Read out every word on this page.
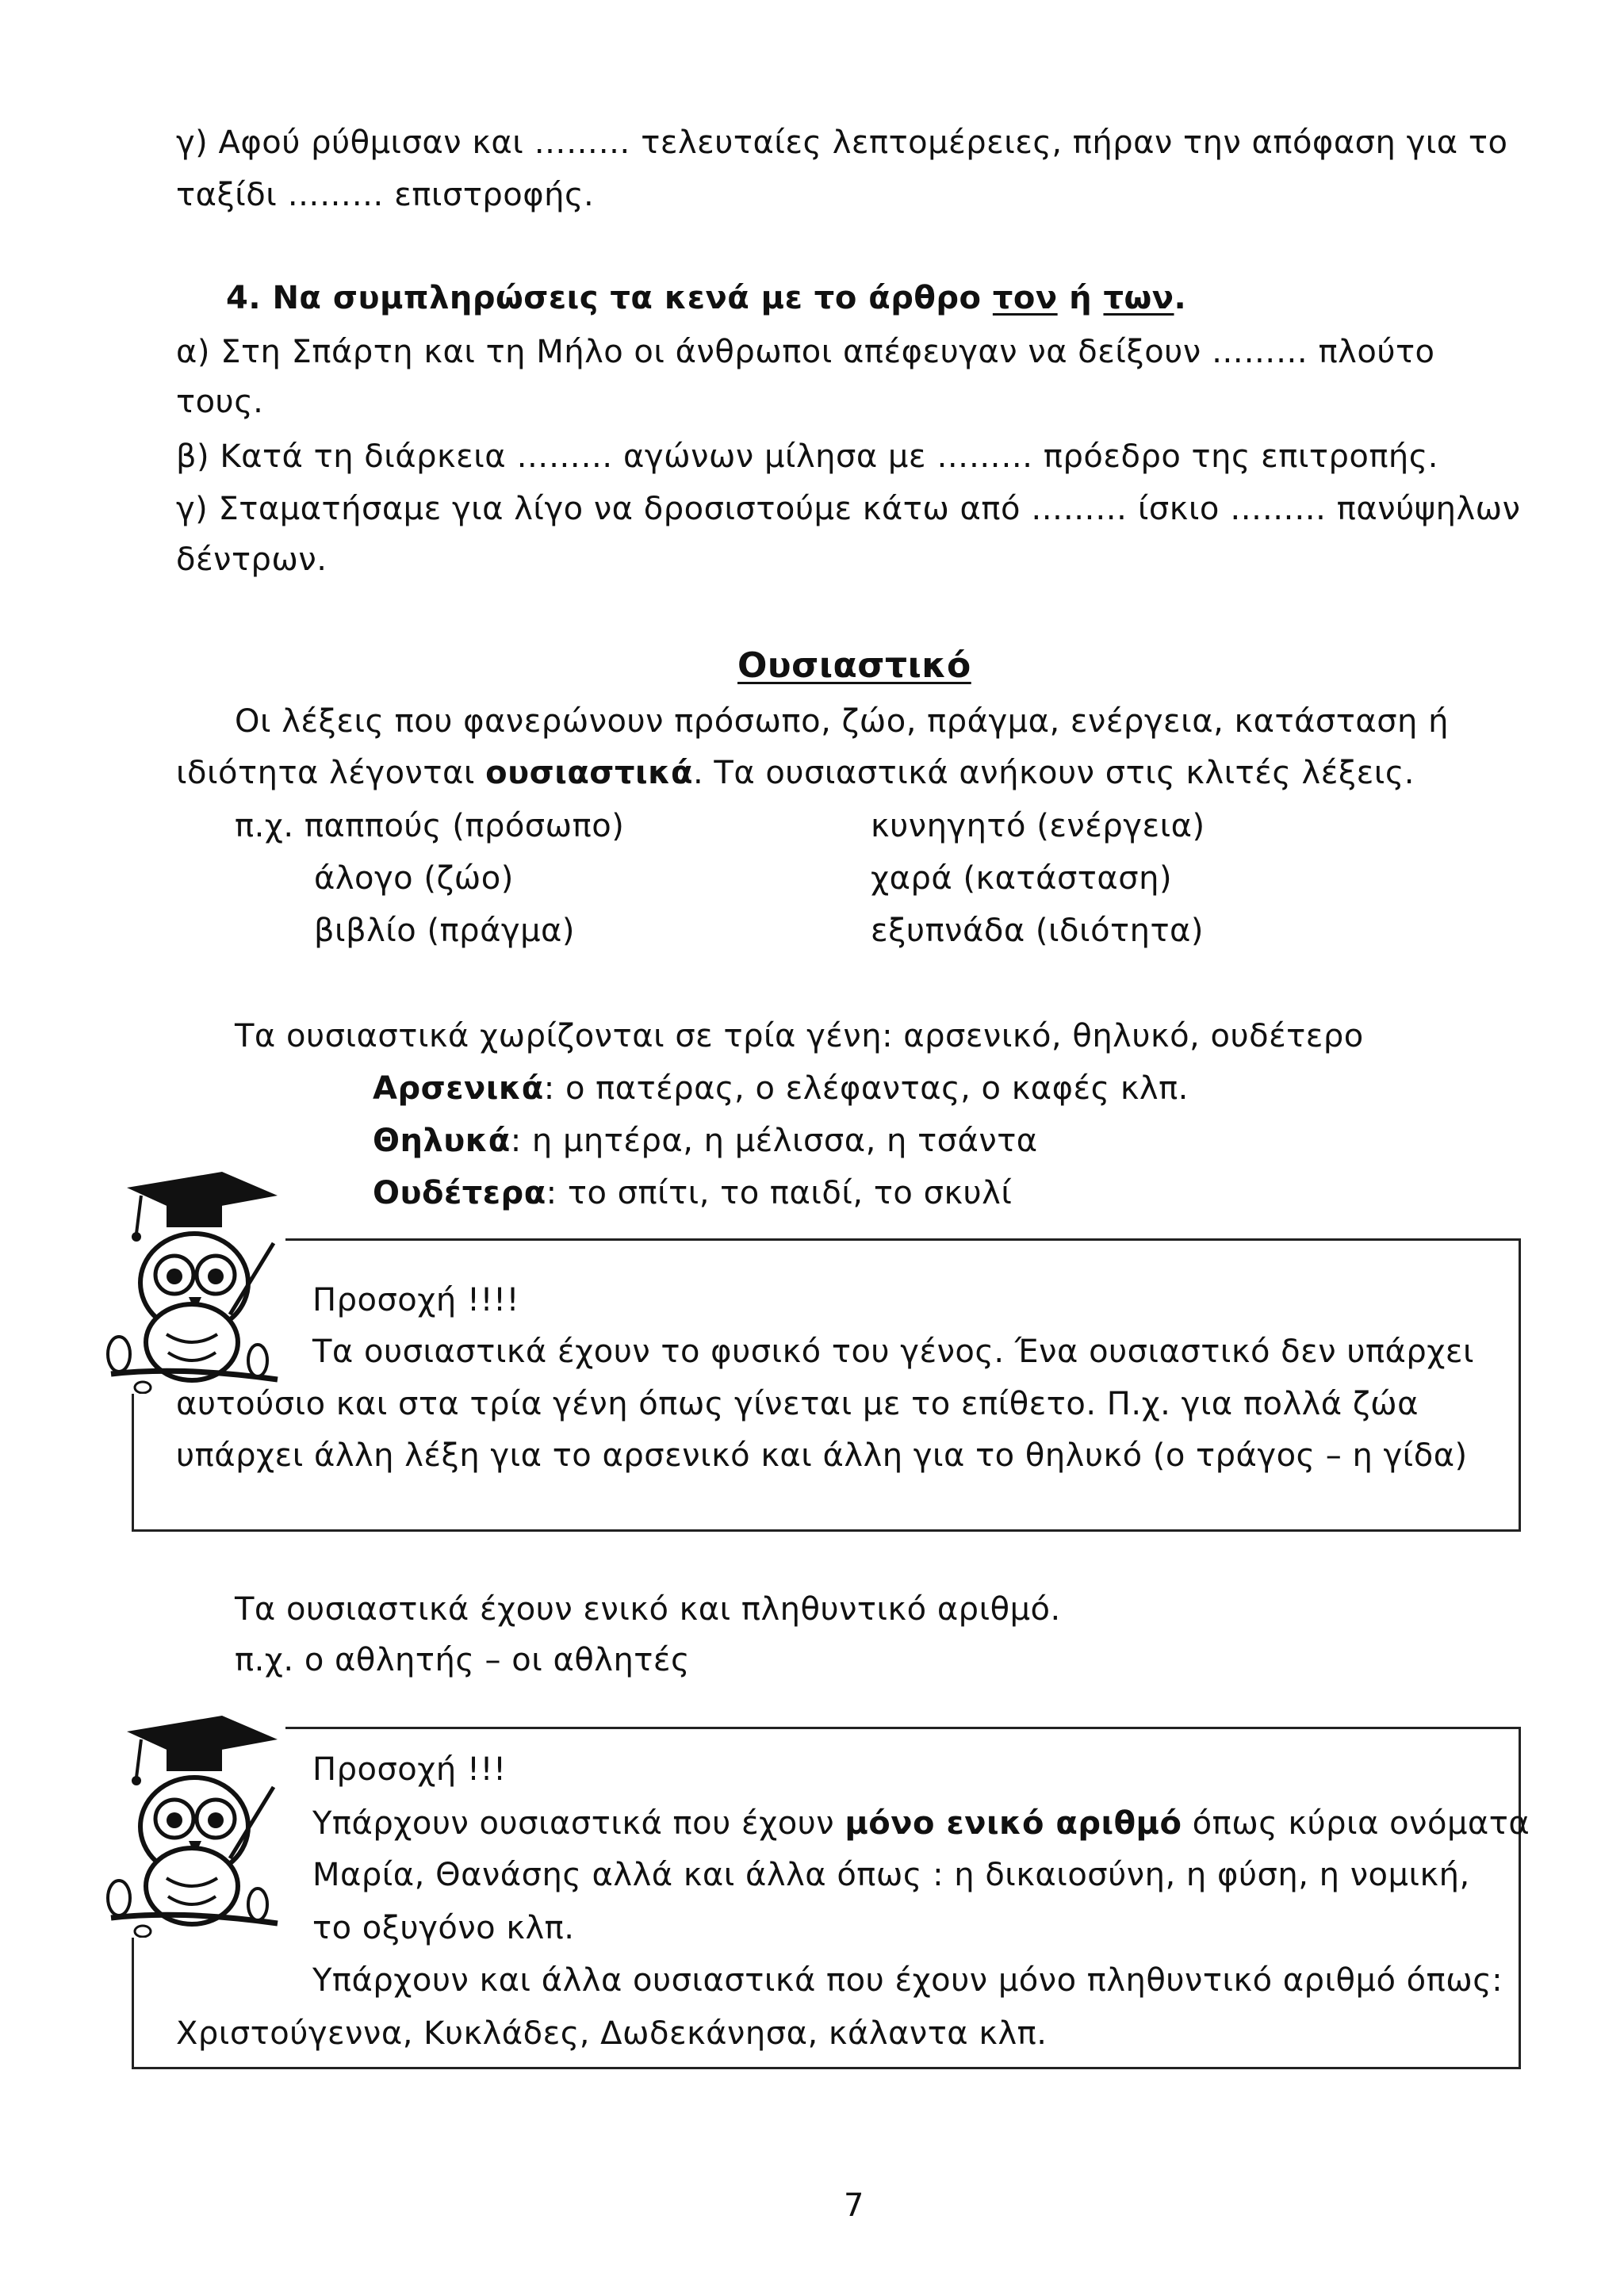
γ) Αφού ρύθμισαν και ……… τελευταίες λεπτομέρειες, πήραν την απόφαση για το
ταξίδι ……… επιστροφής.
4. Να συμπληρώσεις τα κενά με το άρθρο τον ή των.
α) Στη Σπάρτη και τη Μήλο οι άνθρωποι απέφευγαν να δείξουν ……… πλούτο
τους.
β) Κατά τη διάρκεια ……… αγώνων μίλησα με ……… πρόεδρο της επιτροπής.
γ) Σταματήσαμε για λίγο να δροσιστούμε κάτω από ……… ίσκιο ……… πανύψηλων
δέντρων.
Ουσιαστικό
Οι λέξεις που φανερώνουν πρόσωπο, ζώο, πράγμα, ενέργεια, κατάσταση ή
ιδιότητα λέγονται ουσιαστικά. Τα ουσιαστικά ανήκουν στις κλιτές λέξεις.
π.χ. παππούς (πρόσωπο)
άλογο (ζώο)
βιβλίο (πράγμα)
κυνηγητό (ενέργεια)
χαρά (κατάσταση)
εξυπνάδα (ιδιότητα)
Τα ουσιαστικά χωρίζονται σε τρία γένη: αρσενικό, θηλυκό, ουδέτερο
Αρσενικά: ο πατέρας, ο ελέφαντας, ο καφές κλπ.
Θηλυκά: η μητέρα, η μέλισσα, η τσάντα
Ουδέτερα: το σπίτι, το παιδί, το σκυλί
Προσοχή !!!!
Τα ουσιαστικά έχουν το φυσικό του γένος. Ένα ουσιαστικό δεν υπάρχει
αυτούσιο και στα τρία γένη όπως γίνεται με το επίθετο. Π.χ. για πολλά ζώα
υπάρχει άλλη λέξη για το αρσενικό και άλλη για το θηλυκό (ο τράγος – η γίδα)
Τα ουσιαστικά έχουν ενικό και πληθυντικό αριθμό.
π.χ. ο αθλητής – οι αθλητές
Προσοχή !!!
Υπάρχουν ουσιαστικά που έχουν μόνο ενικό αριθμό όπως κύρια ονόματα
Μαρία, Θανάσης αλλά και άλλα όπως : η δικαιοσύνη, η φύση, η νομική,
το οξυγόνο κλπ.
Υπάρχουν και άλλα ουσιαστικά που έχουν μόνο πληθυντικό αριθμό όπως:
Χριστούγεννα, Κυκλάδες, Δωδεκάνησα, κάλαντα κλπ.
7
